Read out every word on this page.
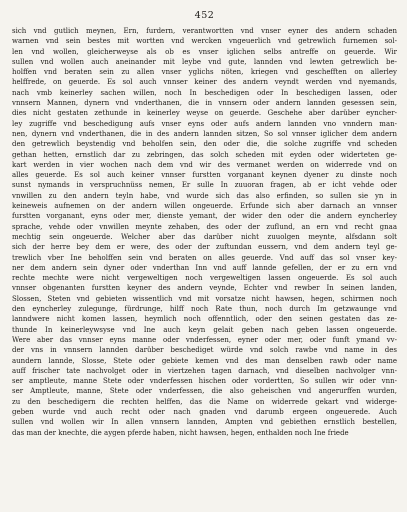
452
sich vnd gutlich meynen, Ern, furdern, verantwortten vnd vnser eyner des andern schaden
warnen vnd sein bestes mit wortten vnd wercken vngeuerlich vnd getrewlich furnemen sol-
len vnd wollen, gleicherweyse als ob es vnser iglichen selbs antreffe on geuerde. Wir
sullen vnd wollen auch aneinander mit leybe vnd gute, lannden vnd lewten getrewlich be-
holffen vnd beraten sein zu allen vnser yglichs nöten, kriegen vnd geschefften on allerley
helffrede, on geuerde. Es sol auch vnnser keiner des andern veyndt werden vnd nyemands,
nach vmb keinerley sachen willen, noch In beschedigen oder In beschedigen lassen, oder
vnnsern Mannen, dynern vnd vnderthanen, die in vnnsern oder andern lannden gesessen sein,
dies nicht gestaten zethunde in keinerley weyse on geuerde. Geschehe aber darüber eyncher-
ley zugriffe vnd beschedigung aufs vnser eyns oder aufs andern lannden vno vnndern man-
nen, dynern vnd vnderthanen, die in des andern lannden sitzen, So sol vnnser iglicher dem andern
den getrewlich beystendig vnd beholfen sein, den oder die, die solche zugriffe vnd scheden
gethan hetten, ernstlich dar zu zebringen, das solch scheden mit eyden oder widerteten ge-
kart werden in vier wochen nach dem vnd wir des vermanet werden on widerrede vnd on
alles geuerde. Es sol auch keiner vnnser furstten vorganant keynen dyener zu dinste noch
sunst nymands in verspruchnüss nemen, Er sulle In zuuoran fragen, ab er icht vehde oder
vnwillen zu den andern teyln habe, vnd wurde sich das also erfinden, so sullen sie yn in
keineweis aufnemen on der andern willen ongeuerde. Erfunde sich aber darnach an vnnser
furstten vorganant, eyns oder mer, dienste yemant, der wider den oder die andern eyncherley
sprache, vehde oder vnwillen meynte zehaben, des oder der zuflund, an ern vnd recht gnaa
mechtig sein ongeuerde. Welcher aber das darüber nicht zuuolgen meynte, alfsdann solt
sich der herre bey dem er were, des oder der zuftundan eussern, vnd dem andern teyl ge-
trewlich vber Ine beholffen sein vnd beraten on alles geuerde. Vnd auff das sol vnser key-
ner dem andern sein dyner oder vnderthan Inn vnd auff lannde gefellen, der er zu ern vnd
rechte mechte were nicht vergeweltigen noch vergeweltigen lassen ongeuerde. Es sol auch
vnnser obgenanten furstten keyner des andern veynde, Echter vnd rewber In seinen landen,
Slossen, Steten vnd gebieten wissentlich vnd mit vorsatze nicht hawsen, hegen, schirmen noch
den eyncherley zulegunge, fürdrunge, hilff noch Rate thun, noch durch Im getzwaunge vnd
lanndwere nicht komen lassen, heymlich noch offenntlich, oder den seinen gestaten das ze-
thunde In keinerleywsyse vnd Ine auch keyn gelait geben nach geben lassen ongeuerde.
Were aber das vnnser eyns manne oder vnderfessen, eyner oder mer, oder funft ymand vv-
der vns in vnnsern lannden darüber beschediget würde vnd solch rawbe vnd name in des
aundern lannde, Slosse, Stete oder gebiete kemen vnd des man denselben rawb oder name
auff frischer tate nachvolget oder in viertzehen tagen darnach, vnd dieselben nachvolger vnn-
ser amptleute, manne Stete oder vnderfessen hischen oder vordertten, So sullen wir oder vnn-
ser Amptleute, manne, Stete oder vnderfessen, die also geheischen vnd angerurffen wurden,
zu den beschedigern die rechten helffen, das die Name on widerrede gekart vnd widerge-
geben wurde vnd auch recht oder nach gnaden vnd darumb ergeen ongeuerede. Auch
sullen vnd wollen wir In allen vnnsern lannden, Ampten vnd gebiethen ernstlich bestellen,
das man der knechte, die aygen pferde haben, nicht hawsen, hegen, enthalden noch Ine friede
